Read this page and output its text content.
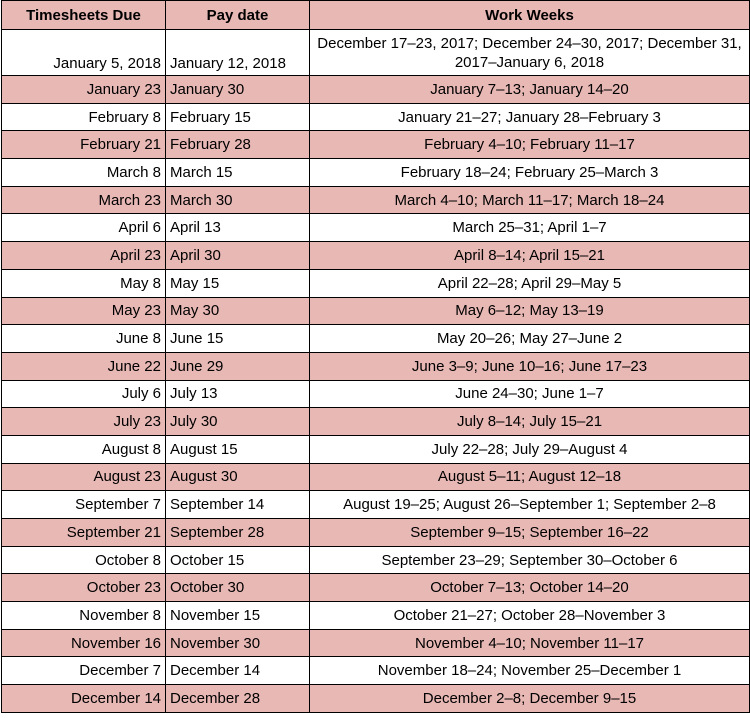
Timesheets Due	Pay date	Work Weeks
January 5, 2018	January 12, 2018	December 17–23, 2017; December 24–30, 2017; December 31, 2017–January 6, 2018
January 23	January 30	January 7–13; January 14–20
February 8	February 15	January 21–27; January 28–February 3
February 21	February 28	February 4–10; February 11–17
March 8	March 15	February 18–24; February 25–March 3
March 23	March 30	March 4–10; March 11–17; March 18–24
April 6	April 13	March 25–31; April 1–7
April 23	April 30	April 8–14; April 15–21
May 8	May 15	April 22–28; April 29–May 5
May 23	May 30	May 6–12; May 13–19
June 8	June 15	May 20–26; May 27–June 2
June 22	June 29	June 3–9; June 10–16; June 17–23
July 6	July 13	June 24–30; June 1–7
July 23	July 30	July 8–14; July 15–21
August 8	August 15	July 22–28; July 29–August 4
August 23	August 30	August 5–11; August 12–18
September 7	September 14	August 19–25; August 26–September 1; September 2–8
September 21	September 28	September 9–15; September 16–22
October 8	October 15	September 23–29; September 30–October 6
October 23	October 30	October 7–13; October 14–20
November 8	November 15	October 21–27; October 28–November 3
November 16	November 30	November 4–10; November 11–17
December 7	December 14	November 18–24; November 25–December 1
December 14	December 28	December 2–8; December 9–15
